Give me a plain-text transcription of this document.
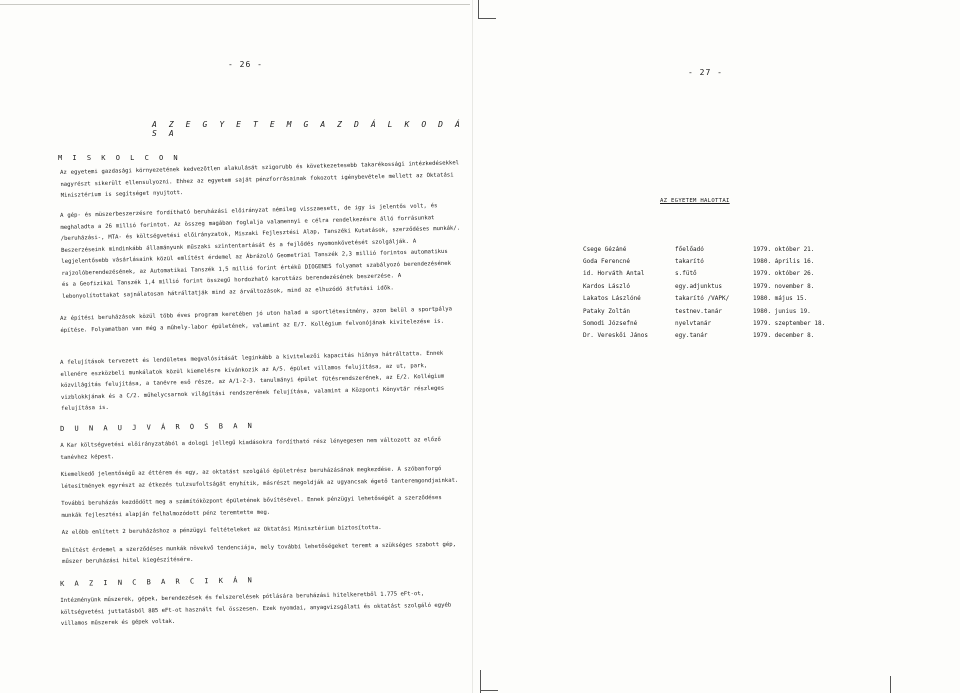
- 26 -
A Z E G Y E T E M G A Z D Á L K O D Á S A
M I S K O L C O N

Az egyetemi gazdasági környezetének kedvezőtlen alakulását szigorubb és következetesebb takarékossági intézkedésekkel nagyrészt sikerült ellensulyozni. Ehhez az egyetem saját pénzforrásainak fokozott igénybevétele mellett az Oktatási Minisztérium is segítséget nyujtott.

A gép- és müszerbeszerzésre fordítható beruházási előirányzat némileg visszaesett, de igy is jelentős volt, és meghaladta a 26 millió forintot. Az összeg magában foglalja valamennyi e célra rendelkezésre álló forrásunkat /beruházási-, MTA- és költségvetési előirányzatok, Miszaki Fejlesztési Alap, Tanszéki Kutatások, szerződéses munkák/. Beszerzéseink mindinkább államányunk műszaki szintentartását és a fejlődés nyomonkövetését szolgálják. A legjelentősebb vásárlásaink közül említést érdemel az Ábrázoló Geometriai Tanszék 2,3 millió forintos automatikus rajzolóberendezésének, az Automatikai Tanszék 1,5 millió forint értékű DIOGENES folyamat szabályozó berendezésének és a Geofizikai Tanszék 1,4 millió forint összegű hordozható karottázs berendezésének beszerzése. A lebonyolítottakat sajnálatosan hátráltatják mind az árváltozások, mind az elhuzódó átfutási idők.

Az építési beruházások közül több éves program keretében jó uton halad a sportlétesítmény, azon belül a sportpálya építése. Folyamatban van még a műhely-labor épületének, valamint az E/7. Kollégium felvonójának kivitelezése is.

A felujítások tervezett és lendületes megvalósítását leginkább a kivitelezői kapacitás hiánya hátráltatta. Ennek ellenére eszközbeli munkálatok közül kiemelésre kívánkozik az A/5. épület villamos felujítása, az ut, park, közvilágítás felujítása, a tanévre eső része, az A/1-2-3. tanulmányi épület fütésrendszerének, az E/2. Kollégium vizblokkjának és a C/2. műhelycsarnok világítási rendszerének felujítása, valamint a Központi Könyvtár részleges felujítása is.

D U N A U J V Á R O S B A N
A Kar költségvetési előirányzatából a dologi jellegű kiadásokra fordítható rész lényegesen nem változott az előző tanévhez képest.
Kiemelkedő jelentőségű az éttérem és egy, az oktatást szolgáló épületrész beruházásának megkezdése. A szóbanforgó létesítmények egyrészt az étkezés tulzsufoltságát enyhítik, másrészt megoldják az ugyancsak égető tanteremgondjainkat.
További beruházás kezdődött meg a számítóközpont épületének bővítésével. Ennek pénzügyi lehetőségét a szerződéses munkák fejlesztési alapján felhalmozódott pénz teremtette meg.
Az előbb említett 2 beruházáshoz a pénzügyi feltételeket az Oktatási Minisztérium biztosította.
Említést érdemel a szerződéses munkák növekvő tendenciája, mely további lehetőségeket teremt a szükséges szabott gép, műszer beruházási hitel kiegészítésére.
K A Z I N C B A R C I K Á N
Intézményünk műszerek, gépek, berendezések és felszerelések pótlására beruházási hitelkeretből 1.775 eFt-ot, költségvetési juttatásból 885 eFt-ot használt fel összesen. Ezek nyomdai, anyagvizsgálati és oktatást szolgáló egyéb villamos műszerek és gépek voltak.
- 27 -
AZ EGYETEM HALOTTAI
Csege Gézáné	főelőadó	1979. október 21.
Goda Ferencné	takarító	1980. április 16.
id. Horváth Antal	s.fütő	1979. október 26.
Kardos László	egy.adjunktus	1979. november 8.
Lakatos Lászlóné	takarító /VAPK/	1980. május 15.
Pataky Zoltán	testnev.tanár	1980. junius 19.
Somodi Józsefné	nyelvtanár	1979. szeptember 18.
Dr. Vereskői János	egy.tanár	1979. december 8.
